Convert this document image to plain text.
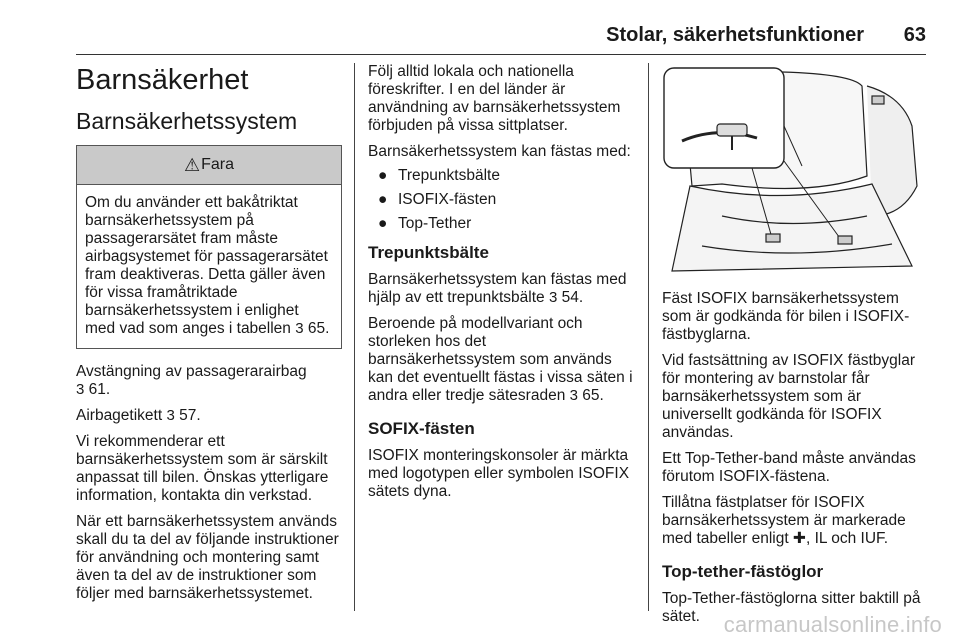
Stolar, säkerhetsfunktioner 63
Barnsäkerhet
Barnsäkerhetssystem
⚠ Fara
Om du använder ett bakåtriktat barnsäkerhetssystem på passagerarsätet fram måste airbagsystemet för passagerarsätet fram deaktiveras. Detta gäller även för vissa framåtriktade barnsäkerhetssystem i enlighet med vad som anges i tabellen 3 65.

Avstängning av passagerarairbag
3 61.

Airbagetikett 3 57.

Vi rekommenderar ett barnsäkerhetssystem som är särskilt anpassat till bilen. Önskas ytterligare information, kontakta din verkstad.

När ett barnsäkerhetssystem används skall du ta del av följande instruktioner för användning och montering samt även ta del av de instruktioner som följer med barnsäkerhetssystemet.

Följ alltid lokala och nationella föreskrifter. I en del länder är användning av barnsäkerhetssystem förbjuden på vissa sittplatser.

Barnsäkerhetssystem kan fästas med:

● Trepunktsbälte
● ISOFIX-fästen
● Top-Tether
Trepunktsbälte

Barnsäkerhetssystem kan fästas med hjälp av ett trepunktsbälte 3 54.

Beroende på modellvariant och storleken hos det barnsäkerhetssystem som används kan det eventuellt fästas i vissa säten i andra eller tredje sätesraden 3 65.

SOFIX-fästen

ISOFIX monteringskonsoler är märkta med logotypen eller symbolen ISOFIX sätets dyna.

Fäst ISOFIX barnsäkerhetssystem som är godkända för bilen i ISOFIX-fästbyglarna.

Vid fastsättning av ISOFIX fästbyglar för montering av barnstolar får barnsäkerhetssystem som är universellt godkända för ISOFIX användas.

Ett Top-Tether-band måste användas förutom ISOFIX-fästena.

Tillåtna fästplatser för ISOFIX barnsäkerhetssystem är markerade med tabeller enligt ✚, IL och IUF.

Top-tether-fästöglor

Top-Tether-fästöglorna sitter baktill på sätet.	carmanualsonline.info
